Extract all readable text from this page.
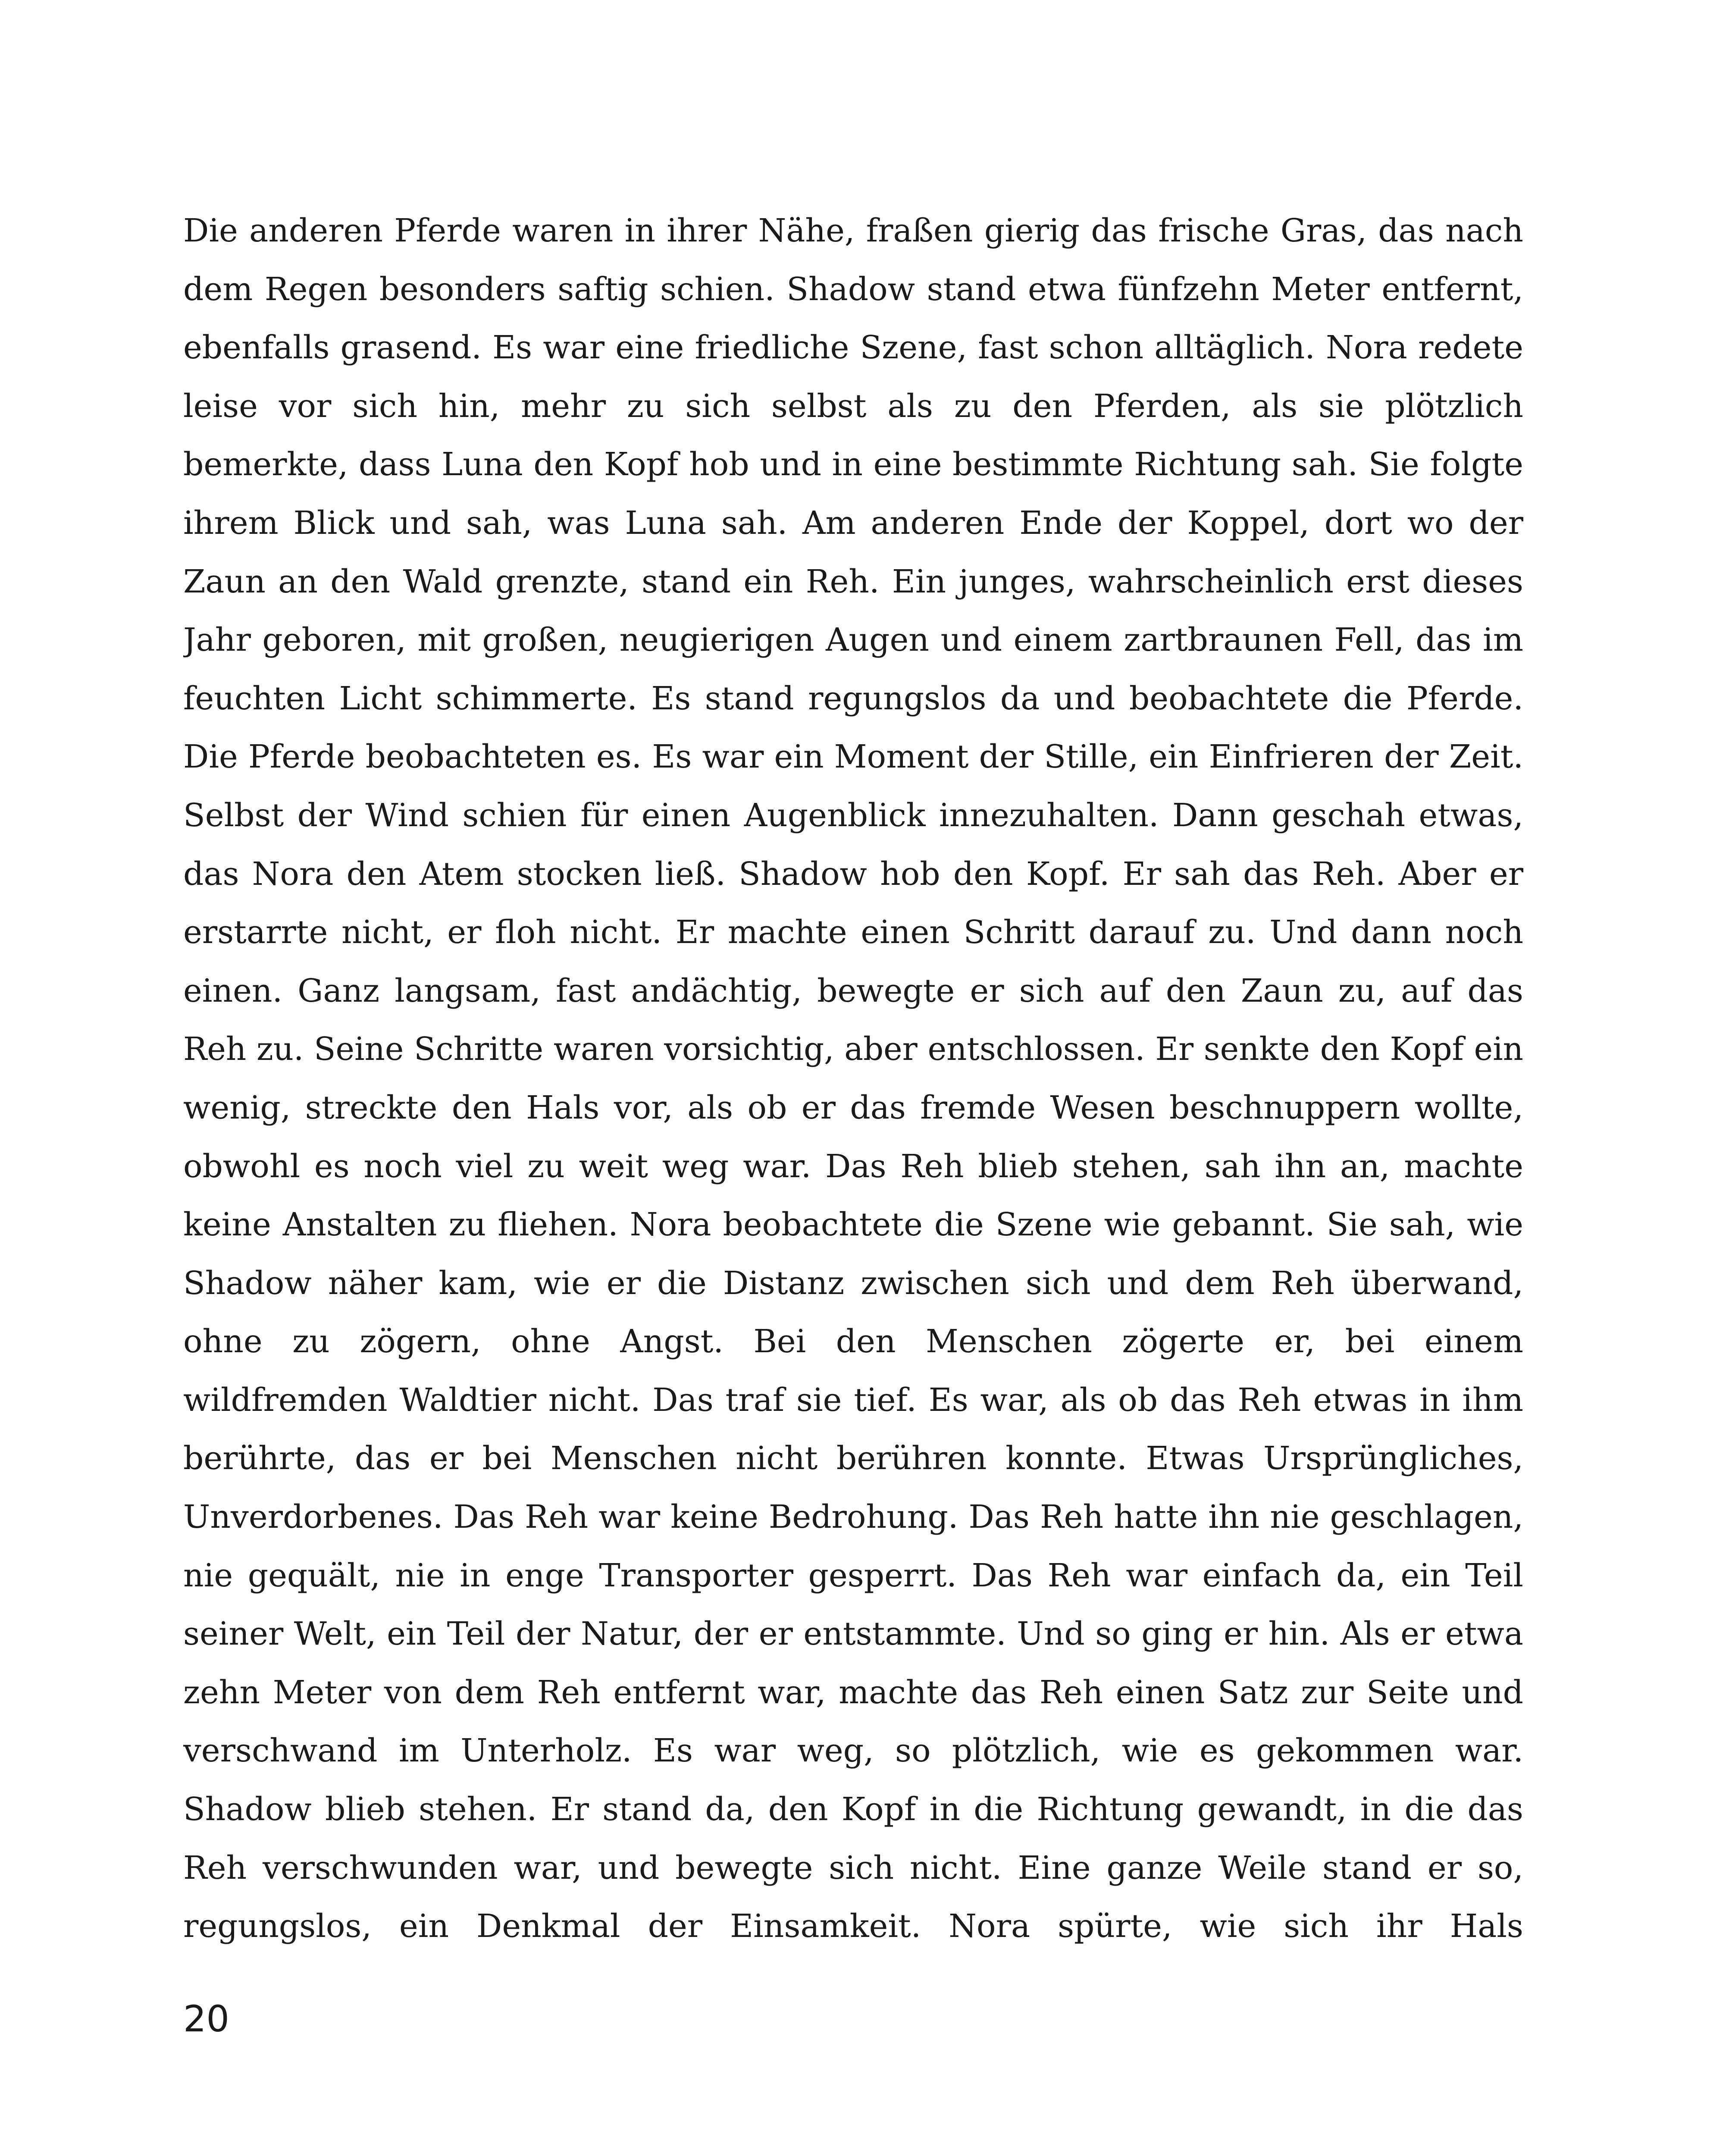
Die anderen Pferde waren in ihrer Nähe, fraßen gierig das frische Gras, das nach
dem Regen besonders saftig schien. Shadow stand etwa fünfzehn Meter entfernt,
ebenfalls grasend. Es war eine friedliche Szene, fast schon alltäglich. Nora redete
leise vor sich hin, mehr zu sich selbst als zu den Pferden, als sie plötzlich
bemerkte, dass Luna den Kopf hob und in eine bestimmte Richtung sah. Sie folgte
ihrem Blick und sah, was Luna sah. Am anderen Ende der Koppel, dort wo der
Zaun an den Wald grenzte, stand ein Reh. Ein junges, wahrscheinlich erst dieses
Jahr geboren, mit großen, neugierigen Augen und einem zartbraunen Fell, das im
feuchten Licht schimmerte. Es stand regungslos da und beobachtete die Pferde.
Die Pferde beobachteten es. Es war ein Moment der Stille, ein Einfrieren der Zeit.
Selbst der Wind schien für einen Augenblick innezuhalten. Dann geschah etwas,
das Nora den Atem stocken ließ. Shadow hob den Kopf. Er sah das Reh. Aber er
erstarrte nicht, er floh nicht. Er machte einen Schritt darauf zu. Und dann noch
einen. Ganz langsam, fast andächtig, bewegte er sich auf den Zaun zu, auf das
Reh zu. Seine Schritte waren vorsichtig, aber entschlossen. Er senkte den Kopf ein
wenig, streckte den Hals vor, als ob er das fremde Wesen beschnuppern wollte,
obwohl es noch viel zu weit weg war. Das Reh blieb stehen, sah ihn an, machte
keine Anstalten zu fliehen. Nora beobachtete die Szene wie gebannt. Sie sah, wie
Shadow näher kam, wie er die Distanz zwischen sich und dem Reh überwand,
ohne zu zögern, ohne Angst. Bei den Menschen zögerte er, bei einem
wildfremden Waldtier nicht. Das traf sie tief. Es war, als ob das Reh etwas in ihm
berührte, das er bei Menschen nicht berühren konnte. Etwas Ursprüngliches,
Unverdorbenes. Das Reh war keine Bedrohung. Das Reh hatte ihn nie geschlagen,
nie gequält, nie in enge Transporter gesperrt. Das Reh war einfach da, ein Teil
seiner Welt, ein Teil der Natur, der er entstammte. Und so ging er hin. Als er etwa
zehn Meter von dem Reh entfernt war, machte das Reh einen Satz zur Seite und
verschwand im Unterholz. Es war weg, so plötzlich, wie es gekommen war.
Shadow blieb stehen. Er stand da, den Kopf in die Richtung gewandt, in die das
Reh verschwunden war, und bewegte sich nicht. Eine ganze Weile stand er so,
regungslos, ein Denkmal der Einsamkeit. Nora spürte, wie sich ihr Hals
20
